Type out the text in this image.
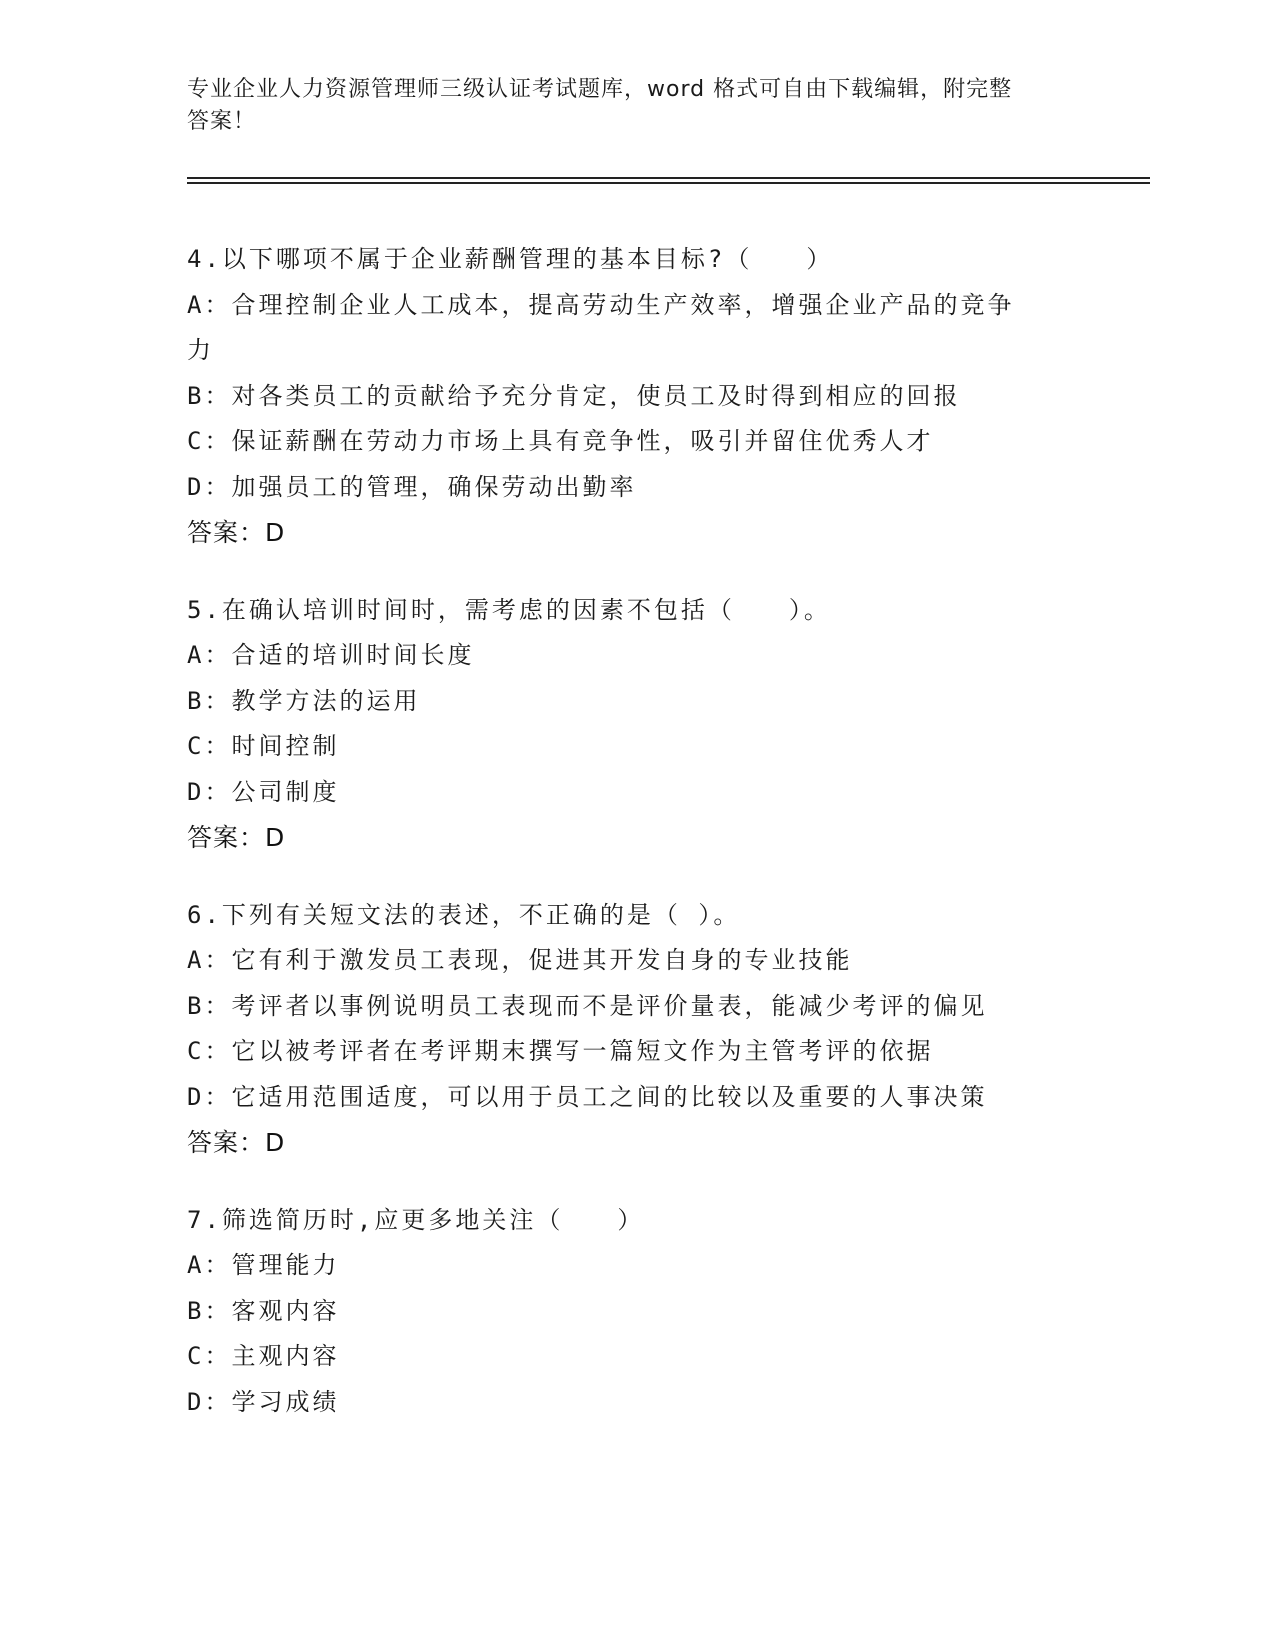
专业企业人力资源管理师三级认证考试题库，word 格式可自由下载编辑，附完整
答案！
4.以下哪项不属于企业薪酬管理的基本目标?（　　）
A：合理控制企业人工成本，提高劳动生产效率，增强企业产品的竞争
力
B：对各类员工的贡献给予充分肯定，使员工及时得到相应的回报
C：保证薪酬在劳动力市场上具有竞争性，吸引并留住优秀人才
D：加强员工的管理，确保劳动出勤率
答案：D
5.在确认培训时间时，需考虑的因素不包括（　　）。
A：合适的培训时间长度
B：教学方法的运用
C：时间控制
D：公司制度
答案：D
6.下列有关短文法的表述，不正确的是（ ）。
A：它有利于激发员工表现，促进其开发自身的专业技能
B：考评者以事例说明员工表现而不是评价量表，能减少考评的偏见
C：它以被考评者在考评期末撰写一篇短文作为主管考评的依据
D：它适用范围适度，可以用于员工之间的比较以及重要的人事决策
答案：D
7.筛选简历时,应更多地关注（　　）
A：管理能力
B：客观内容
C：主观内容
D：学习成绩
